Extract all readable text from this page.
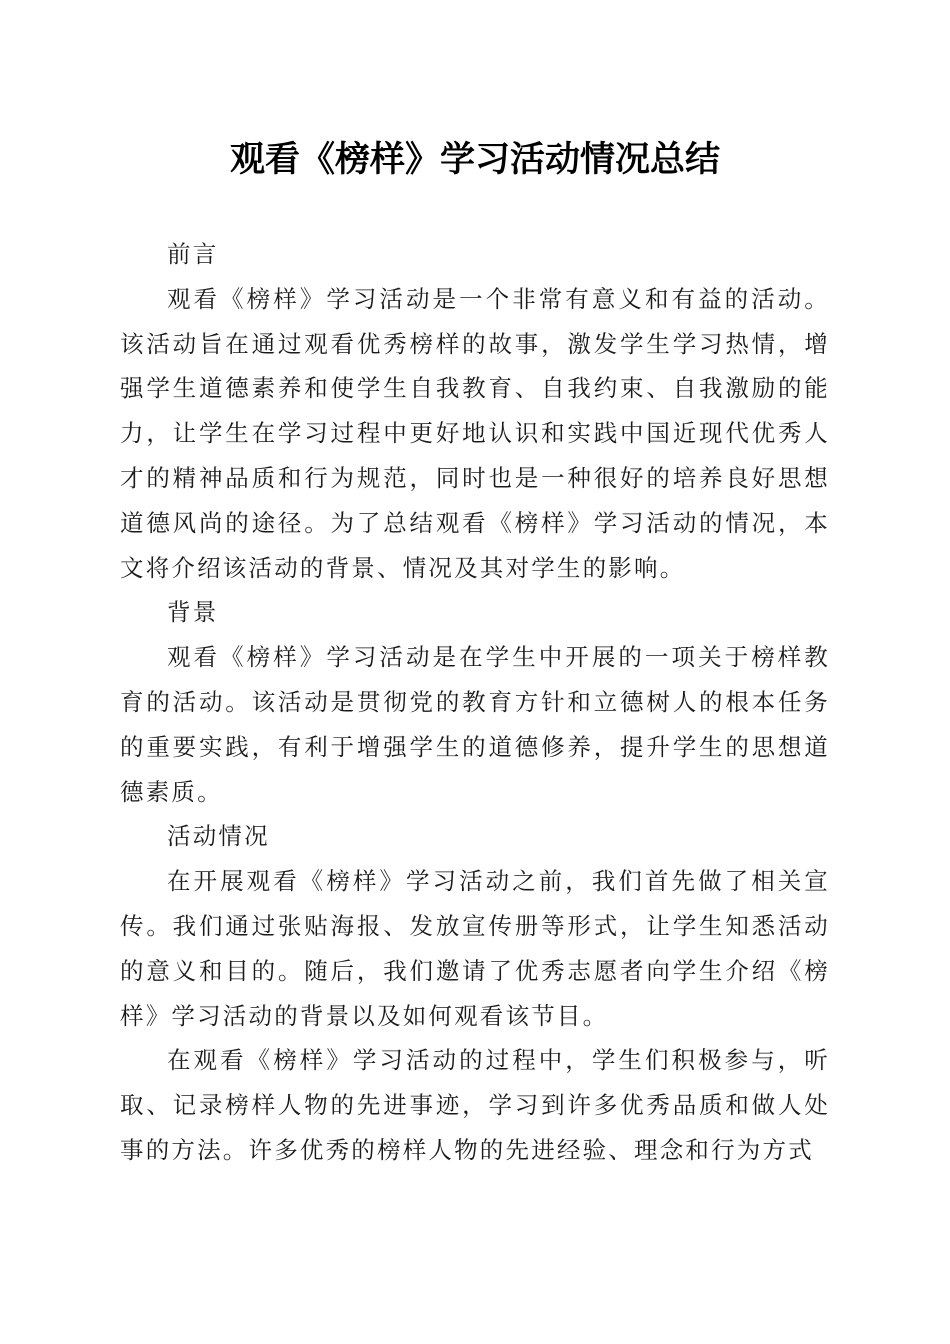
观看《榜样》学习活动情况总结

前言

观看《榜样》学习活动是一个非常有意义和有益的活动。该活动旨在通过观看优秀榜样的故事，激发学生学习热情，增强学生道德素养和使学生自我教育、自我约束、自我激励的能力，让学生在学习过程中更好地认识和实践中国近现代优秀人才的精神品质和行为规范，同时也是一种很好的培养良好思想道德风尚的途径。为了总结观看《榜样》学习活动的情况，本文将介绍该活动的背景、情况及其对学生的影响。

背景

观看《榜样》学习活动是在学生中开展的一项关于榜样教育的活动。该活动是贯彻党的教育方针和立德树人的根本任务的重要实践，有利于增强学生的道德修养，提升学生的思想道德素质。

活动情况

在开展观看《榜样》学习活动之前，我们首先做了相关宣传。我们通过张贴海报、发放宣传册等形式，让学生知悉活动的意义和目的。随后，我们邀请了优秀志愿者向学生介绍《榜样》学习活动的背景以及如何观看该节目。

在观看《榜样》学习活动的过程中，学生们积极参与，听取、记录榜样人物的先进事迹，学习到许多优秀品质和做人处事的方法。许多优秀的榜样人物的先进经验、理念和行为方式
